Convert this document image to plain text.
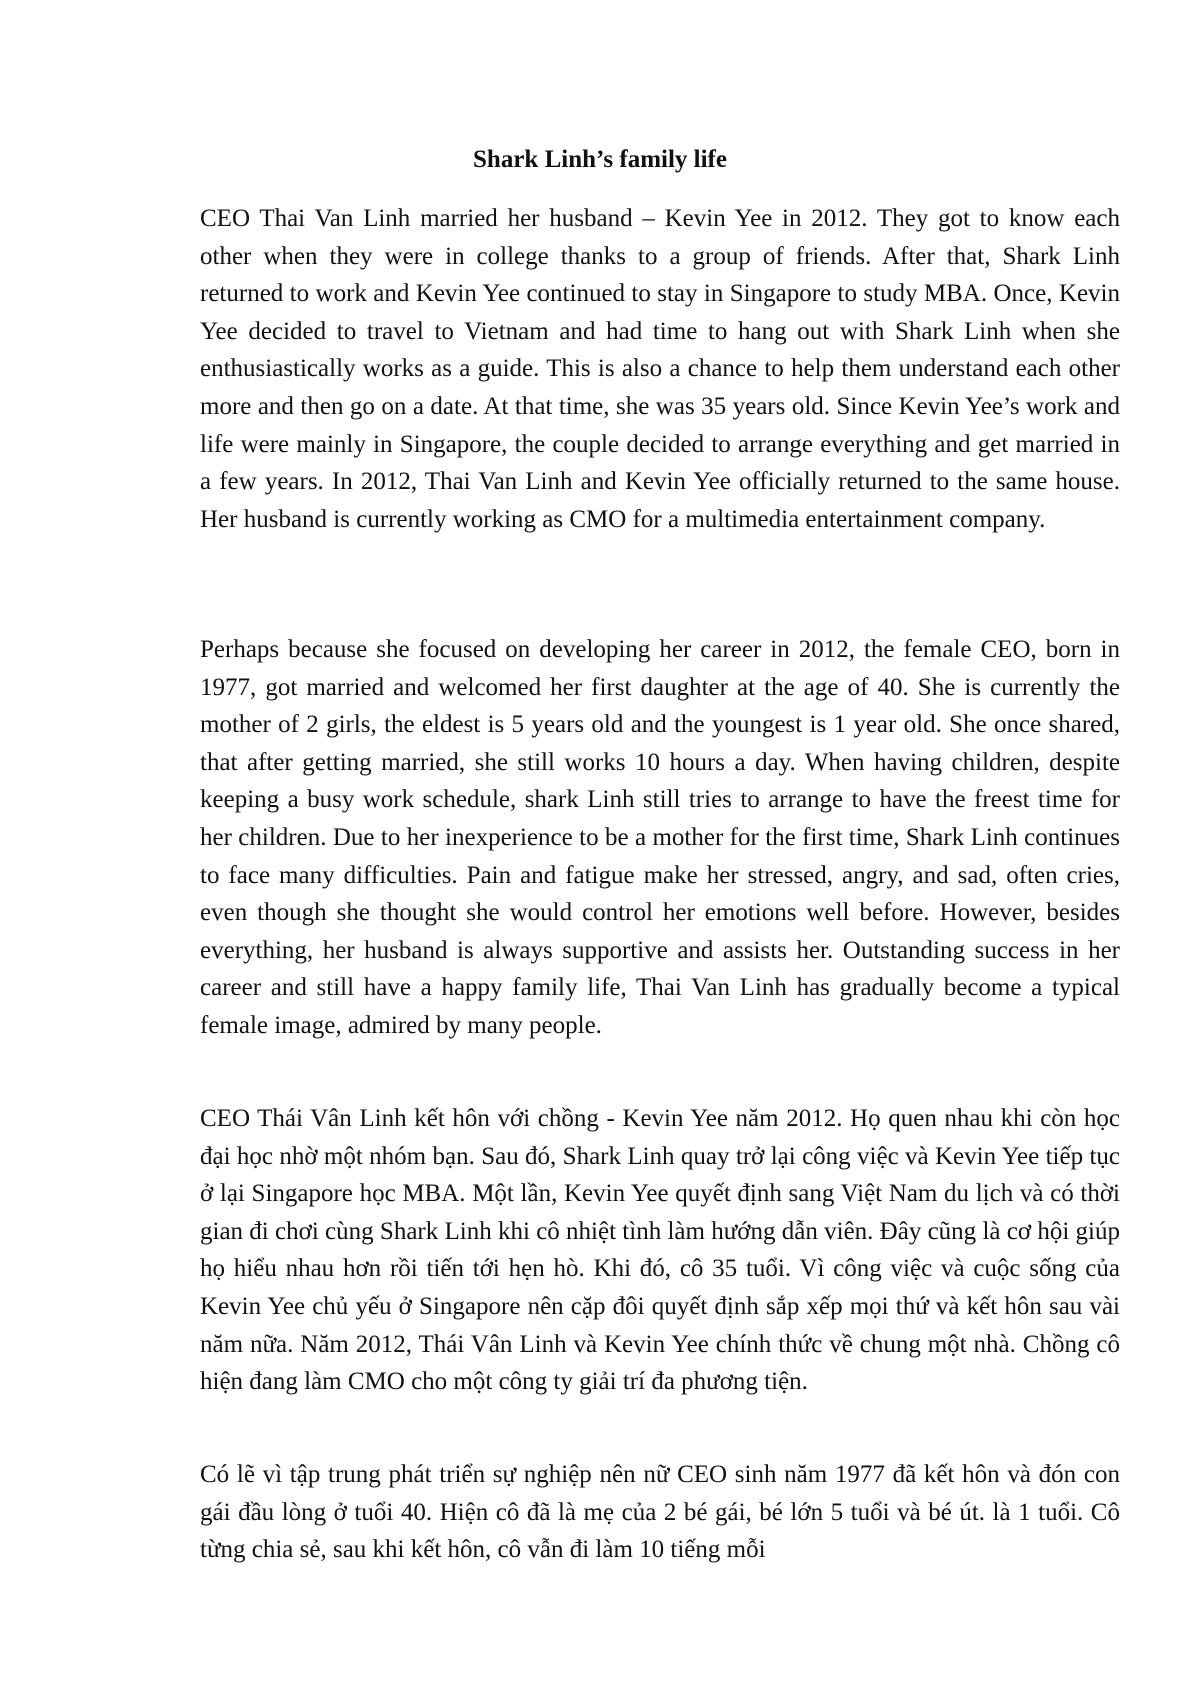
Shark Linh’s family life

CEO Thai Van Linh married her husband – Kevin Yee in 2012. They got to know each other when they were in college thanks to a group of friends. After that, Shark Linh returned to work and Kevin Yee continued to stay in Singapore to study MBA. Once, Kevin Yee decided to travel to Vietnam and had time to hang out with Shark Linh when she enthusiastically works as a guide. This is also a chance to help them understand each other more and then go on a date. At that time, she was 35 years old. Since Kevin Yee’s work and life were mainly in Singapore, the couple decided to arrange everything and get married in a few years. In 2012, Thai Van Linh and Kevin Yee officially returned to the same house. Her husband is currently working as CMO for a multimedia entertainment company.

Perhaps because she focused on developing her career in 2012, the female CEO, born in 1977, got married and welcomed her first daughter at the age of 40. She is currently the mother of 2 girls, the eldest is 5 years old and the youngest is 1 year old. She once shared, that after getting married, she still works 10 hours a day. When having children, despite keeping a busy work schedule, shark Linh still tries to arrange to have the freest time for her children. Due to her inexperience to be a mother for the first time, Shark Linh continues to face many difficulties. Pain and fatigue make her stressed, angry, and sad, often cries, even though she thought she would control her emotions well before. However, besides everything, her husband is always supportive and assists her. Outstanding success in her career and still have a happy family life, Thai Van Linh has gradually become a typical female image, admired by many people.

CEO Thái Vân Linh kết hôn với chồng - Kevin Yee năm 2012. Họ quen nhau khi còn học đại học nhờ một nhóm bạn. Sau đó, Shark Linh quay trở lại công việc và Kevin Yee tiếp tục ở lại Singapore học MBA. Một lần, Kevin Yee quyết định sang Việt Nam du lịch và có thời gian đi chơi cùng Shark Linh khi cô nhiệt tình làm hướng dẫn viên. Đây cũng là cơ hội giúp họ hiểu nhau hơn rồi tiến tới hẹn hò. Khi đó, cô 35 tuổi. Vì công việc và cuộc sống của Kevin Yee chủ yếu ở Singapore nên cặp đôi quyết định sắp xếp mọi thứ và kết hôn sau vài năm nữa. Năm 2012, Thái Vân Linh và Kevin Yee chính thức về chung một nhà. Chồng cô hiện đang làm CMO cho một công ty giải trí đa phương tiện.

Có lẽ vì tập trung phát triển sự nghiệp nên nữ CEO sinh năm 1977 đã kết hôn và đón con gái đầu lòng ở tuổi 40. Hiện cô đã là mẹ của 2 bé gái, bé lớn 5 tuổi và bé út. là 1 tuổi. Cô từng chia sẻ, sau khi kết hôn, cô vẫn đi làm 10 tiếng mỗi
